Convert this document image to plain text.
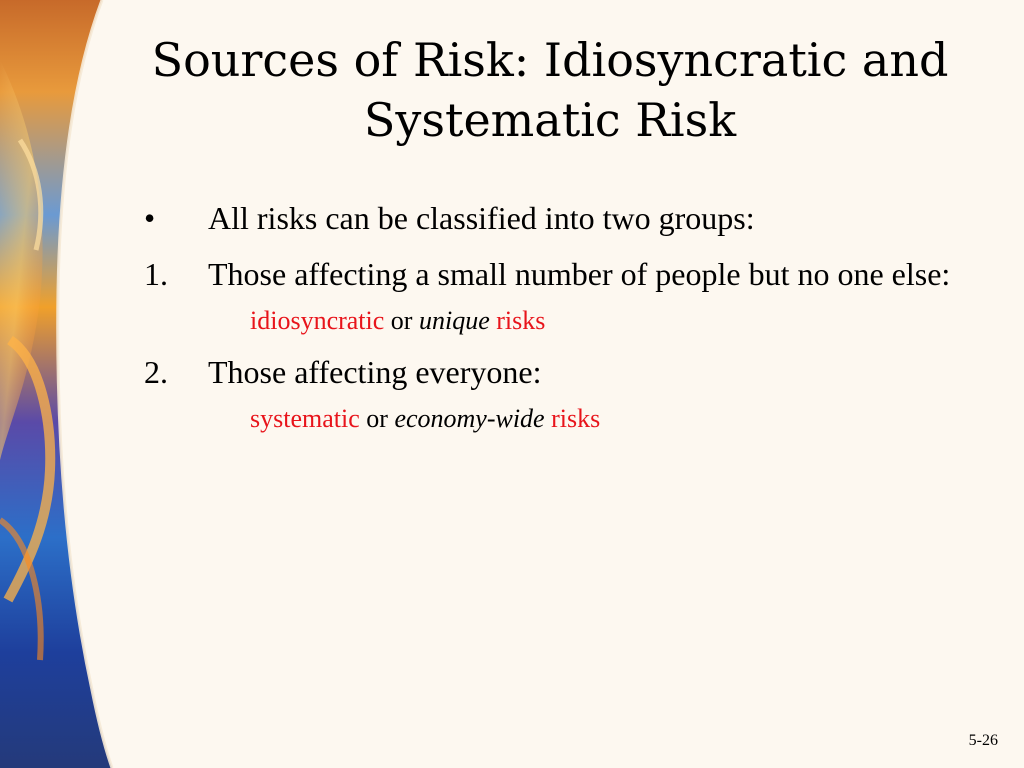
Sources of Risk: Idiosyncratic and
Systematic Risk
•	All risks can be classified into two groups:
1.	Those affecting a small number of people but no one else:
idiosyncratic or unique risks
2.	Those affecting everyone:
systematic or economy-wide risks
5-26
